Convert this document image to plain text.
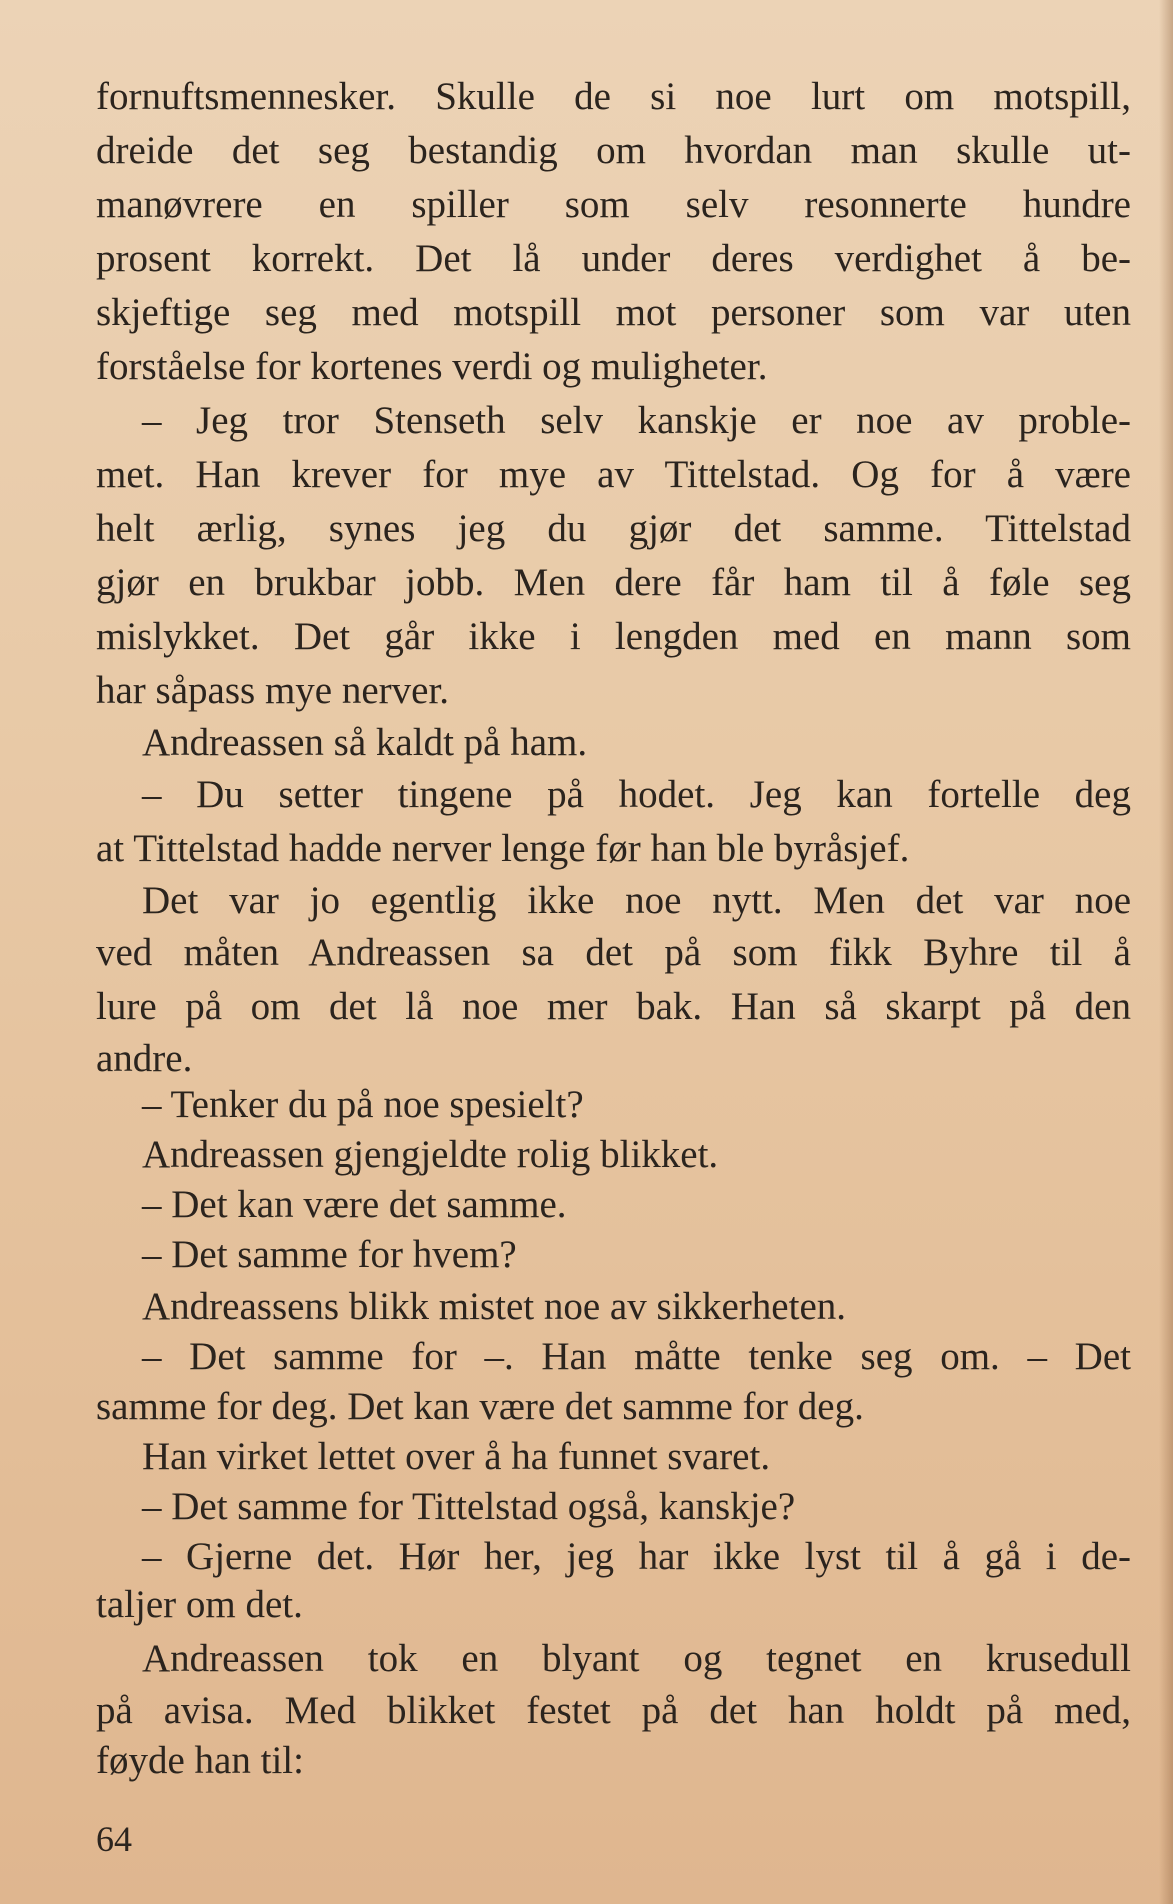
fornuftsmennesker. Skulle de si noe lurt om motspill,
dreide det seg bestandig om hvordan man skulle ut-
manøvrere en spiller som selv resonnerte hundre
prosent korrekt. Det lå under deres verdighet å be-
skjeftige seg med motspill mot personer som var uten
forståelse for kortenes verdi og muligheter.
– Jeg tror Stenseth selv kanskje er noe av proble-
met. Han krever for mye av Tittelstad. Og for å være
helt ærlig, synes jeg du gjør det samme. Tittelstad
gjør en brukbar jobb. Men dere får ham til å føle seg
mislykket. Det går ikke i lengden med en mann som
har såpass mye nerver.
Andreassen så kaldt på ham.
– Du setter tingene på hodet. Jeg kan fortelle deg
at Tittelstad hadde nerver lenge før han ble byråsjef.
Det var jo egentlig ikke noe nytt. Men det var noe
ved måten Andreassen sa det på som fikk Byhre til å
lure på om det lå noe mer bak. Han så skarpt på den
andre.
– Tenker du på noe spesielt?
Andreassen gjengjeldte rolig blikket.
– Det kan være det samme.
– Det samme for hvem?
Andreassens blikk mistet noe av sikkerheten.
– Det samme for –. Han måtte tenke seg om. – Det
samme for deg. Det kan være det samme for deg.
Han virket lettet over å ha funnet svaret.
– Det samme for Tittelstad også, kanskje?
– Gjerne det. Hør her, jeg har ikke lyst til å gå i de-
taljer om det.
Andreassen tok en blyant og tegnet en krusedull
på avisa. Med blikket festet på det han holdt på med,
føyde han til:
64
